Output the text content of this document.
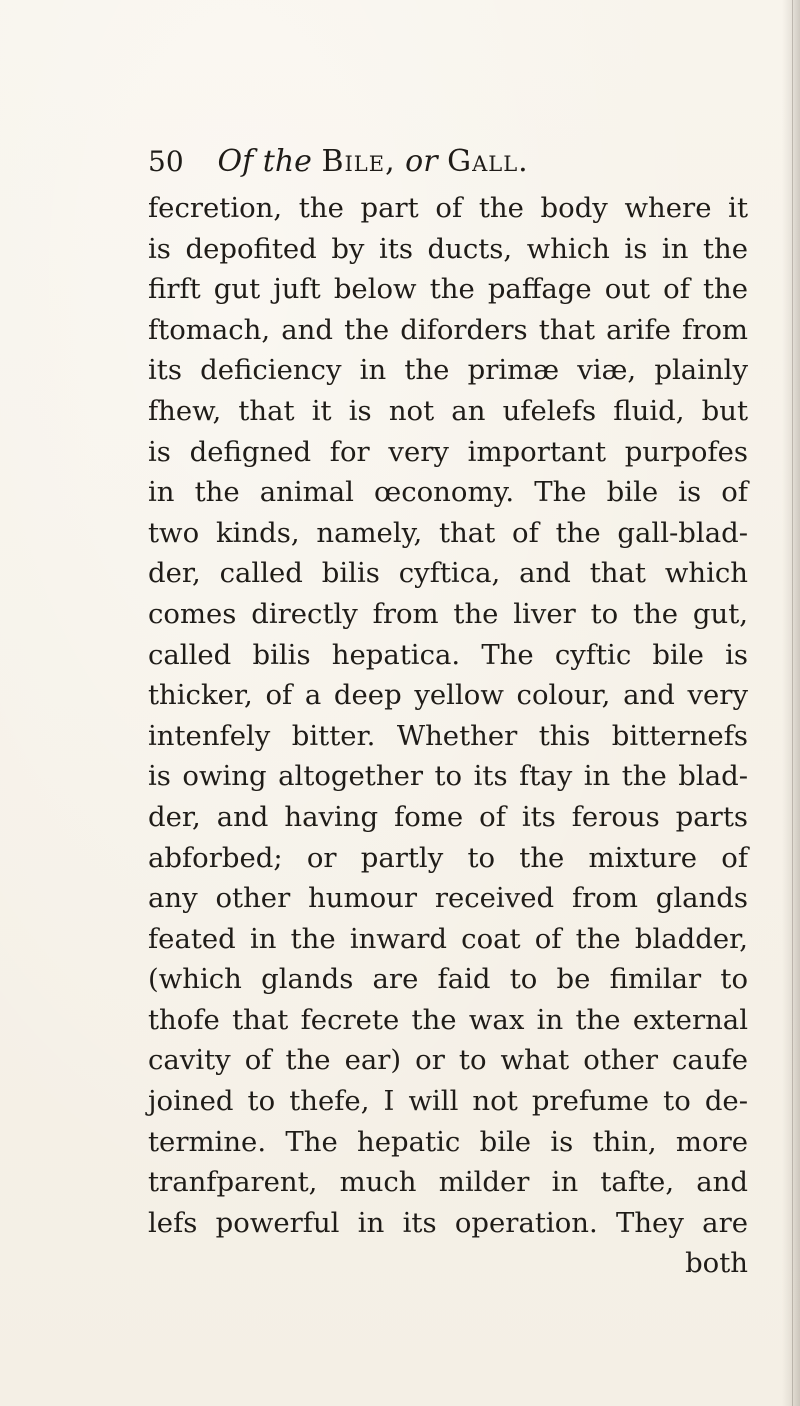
50 Of the Bile, or Gall.
fecretion, the part of the body where it
is depofited by its ducts, which is in the
firft gut juft below the paffage out of the
ftomach, and the diforders that arife from
its deficiency in the primæ viæ, plainly
fhew, that it is not an ufelefs fluid, but
is defigned for very important purpofes
in the animal œconomy. The bile is of
two kinds, namely, that of the gall-blad-
der, called bilis cyftica, and that which
comes directly from the liver to the gut,
called bilis hepatica. The cyftic bile is
thicker, of a deep yellow colour, and very
intenfely bitter. Whether this bitternefs
is owing altogether to its ftay in the blad-
der, and having fome of its ferous parts
abforbed; or partly to the mixture of
any other humour received from glands
feated in the inward coat of the bladder,
(which glands are faid to be fimilar to
thofe that fecrete the wax in the external
cavity of the ear) or to what other caufe
joined to thefe, I will not prefume to de-
termine. The hepatic bile is thin, more
tranfparent, much milder in tafte, and
lefs powerful in its operation. They are
both
